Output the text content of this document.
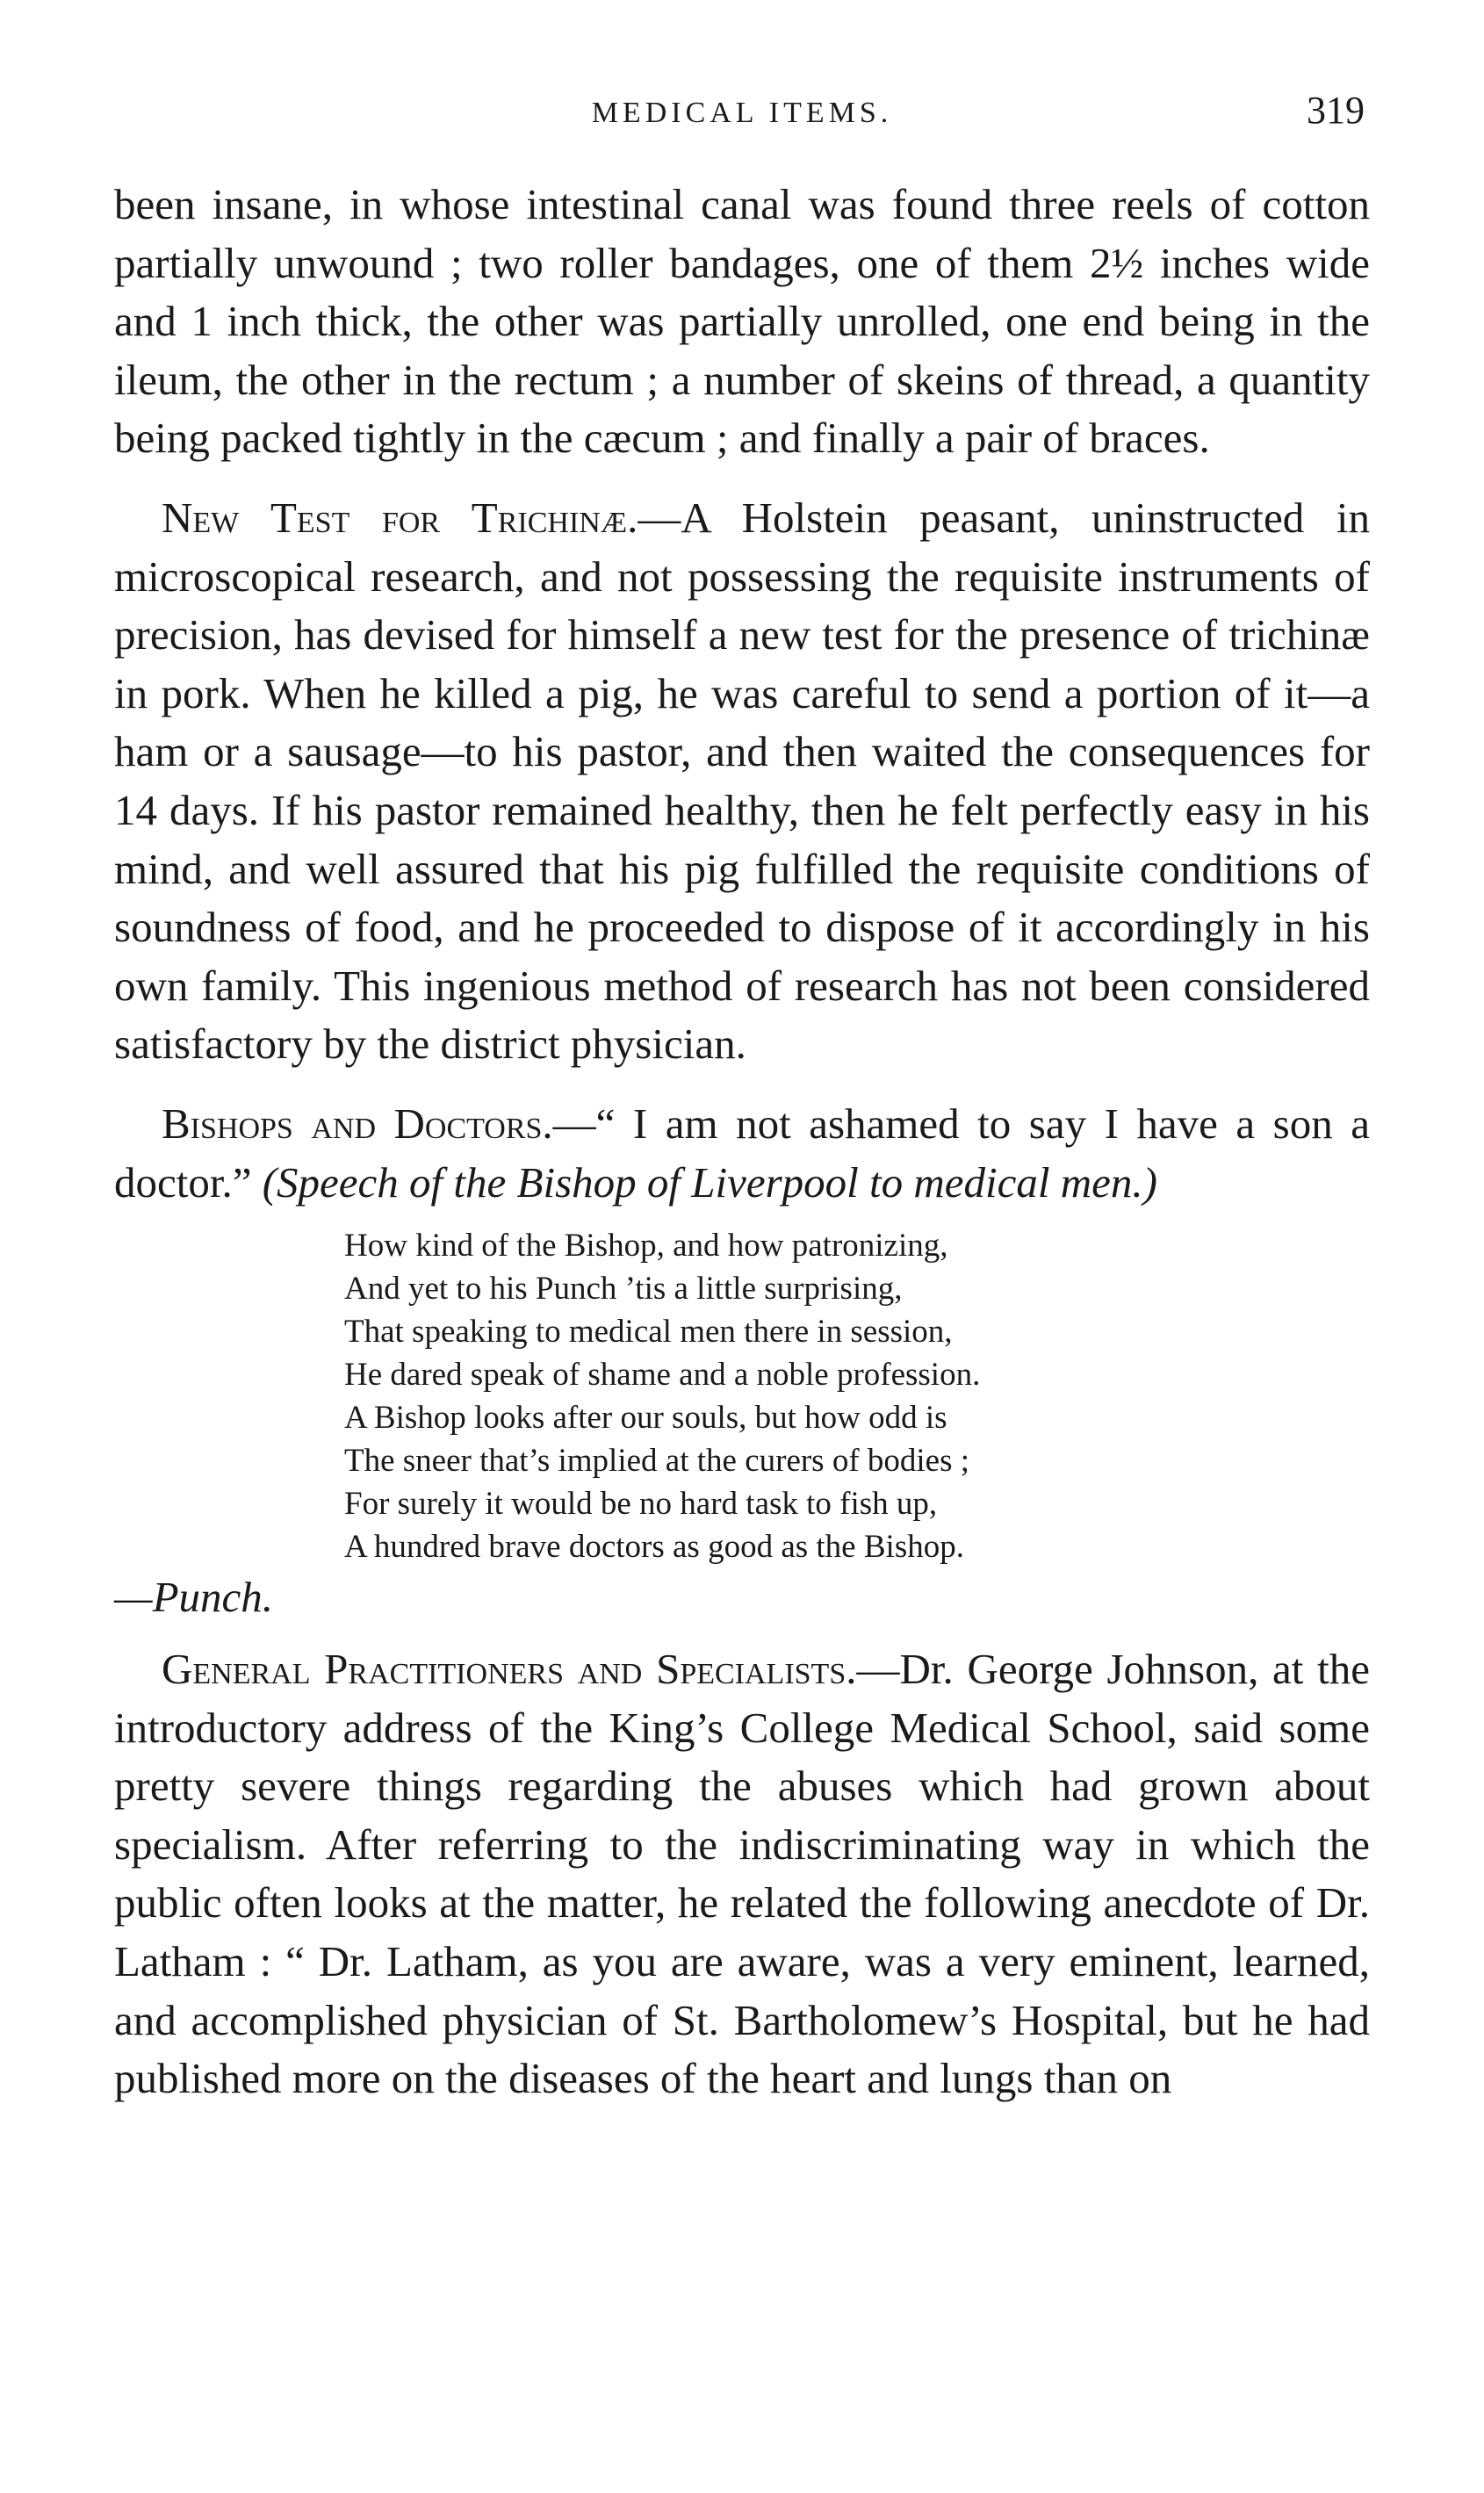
MEDICAL ITEMS.	319

been insane, in whose intestinal canal was found three reels of cotton partially unwound ; two roller bandages, one of them 2½ inches wide and 1 inch thick, the other was partially unrolled, one end being in the ileum, the other in the rectum ; a number of skeins of thread, a quantity being packed tightly in the cæcum ; and finally a pair of braces.

New Test for Trichinæ.—A Holstein peasant, uninstructed in microscopical research, and not possessing the requisite instruments of precision, has devised for himself a new test for the presence of trichinæ in pork. When he killed a pig, he was careful to send a portion of it—a ham or a sausage—to his pastor, and then waited the consequences for 14 days. If his pastor remained healthy, then he felt perfectly easy in his mind, and well assured that his pig fulfilled the requisite conditions of soundness of food, and he proceeded to dispose of it accordingly in his own family. This ingenious method of research has not been considered satisfactory by the district physician.

Bishops and Doctors.—“ I am not ashamed to say I have a son a doctor.” (Speech of the Bishop of Liverpool to medical men.)

How kind of the Bishop, and how patronizing,
And yet to his Punch ’tis a little surprising,
That speaking to medical men there in session,
He dared speak of shame and a noble profession.
A Bishop looks after our souls, but how odd is
The sneer that’s implied at the curers of bodies ;
For surely it would be no hard task to fish up,
A hundred brave doctors as good as the Bishop.
—Punch.

General Practitioners and Specialists.—Dr. George Johnson, at the introductory address of the King’s College Medical School, said some pretty severe things regarding the abuses which had grown about specialism. After referring to the indiscriminating way in which the public often looks at the matter, he related the following anecdote of Dr. Latham : “ Dr. Latham, as you are aware, was a very eminent, learned, and accomplished physician of St. Bartholomew’s Hospital, but he had published more on the diseases of the heart and lungs than on
